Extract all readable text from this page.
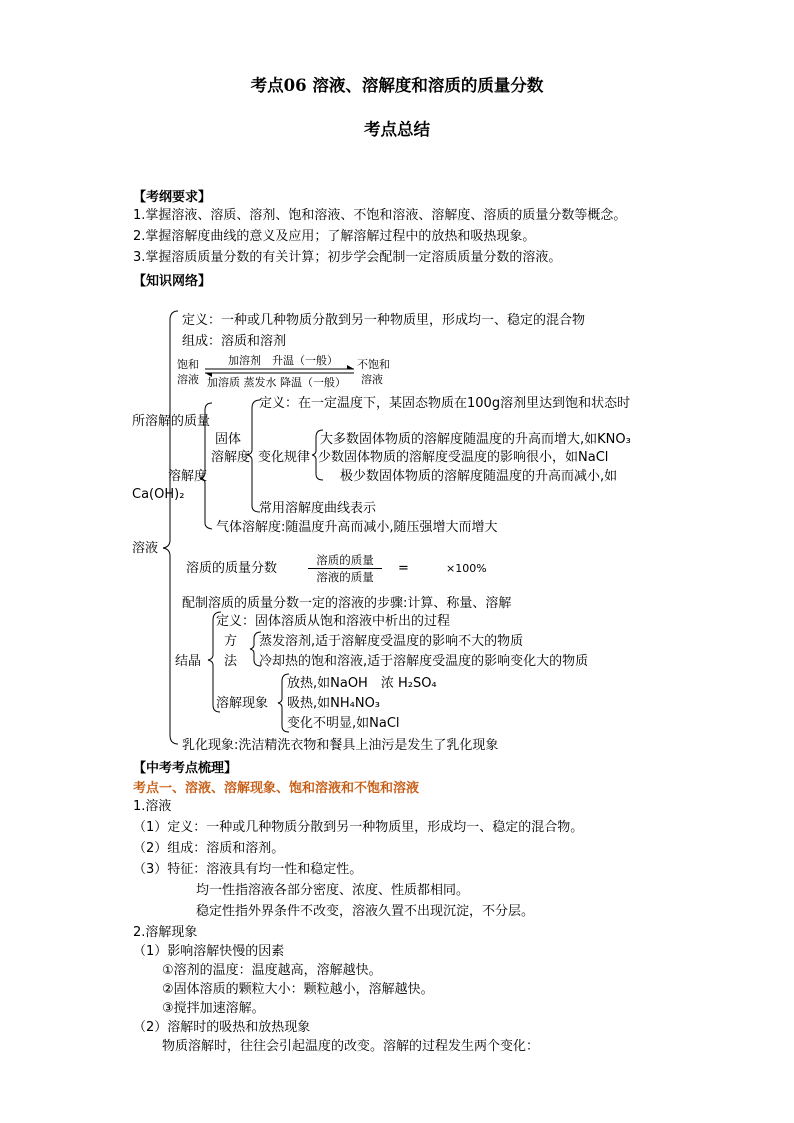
考点06 溶液、溶解度和溶质的质量分数
考点总结
【考纲要求】
1.掌握溶液、溶质、溶剂、饱和溶液、不饱和溶液、溶解度、溶质的质量分数等概念。
2.掌握溶解度曲线的意义及应用；了解溶解过程中的放热和吸热现象。
3.掌握溶质质量分数的有关计算；初步学会配制一定溶质质量分数的溶液。
【知识网络】
定义：一种或几种物质分散到另一种物质里，形成均一、稳定的混合物
组成：溶质和溶剂
饱和
溶液
加溶剂　升温（一般）
加溶质 蒸发水 降温（一般）
不饱和
溶液
定义：在一定温度下，某固态物质在100g溶剂里达到饱和状态时
所溶解的质量
固体
溶解度 变化规律
大多数固体物质的溶解度随温度的升高而增大,如KNO₃
少数固体物质的溶解度受温度的影响很小，如NaCl
极少数固体物质的溶解度随温度的升高而减小,如
溶解度
Ca(OH)₂
常用溶解度曲线表示
气体溶解度:随温度升高而减小,随压强增大而增大
溶液
溶质的质量分数
溶质的质量
溶液的质量
=	×100%
配制溶质的质量分数一定的溶液的步骤:计算、称量、溶解
定义：固体溶质从饱和溶液中析出的过程
方
法
蒸发溶剂,适于溶解度受温度的影响不大的物质
冷却热的饱和溶液,适于溶解度受温度的影响变化大的物质
结晶
放热,如NaOH　浓 H₂SO₄
溶解现象 吸热,如NH₄NO₃
变化不明显,如NaCl
乳化现象:洗洁精洗衣物和餐具上油污是发生了乳化现象
【中考考点梳理】
考点一、溶液、溶解现象、饱和溶液和不饱和溶液
1.溶液
（1）定义：一种或几种物质分散到另一种物质里，形成均一、稳定的混合物。
（2）组成：溶质和溶剂。
（3）特征：溶液具有均一性和稳定性。
均一性指溶液各部分密度、浓度、性质都相同。
稳定性指外界条件不改变，溶液久置不出现沉淀，不分层。
2.溶解现象
（1）影响溶解快慢的因素
①溶剂的温度：温度越高，溶解越快。
②固体溶质的颗粒大小：颗粒越小，溶解越快。
③搅拌加速溶解。
（2）溶解时的吸热和放热现象
物质溶解时，往往会引起温度的改变。溶解的过程发生两个变化：
